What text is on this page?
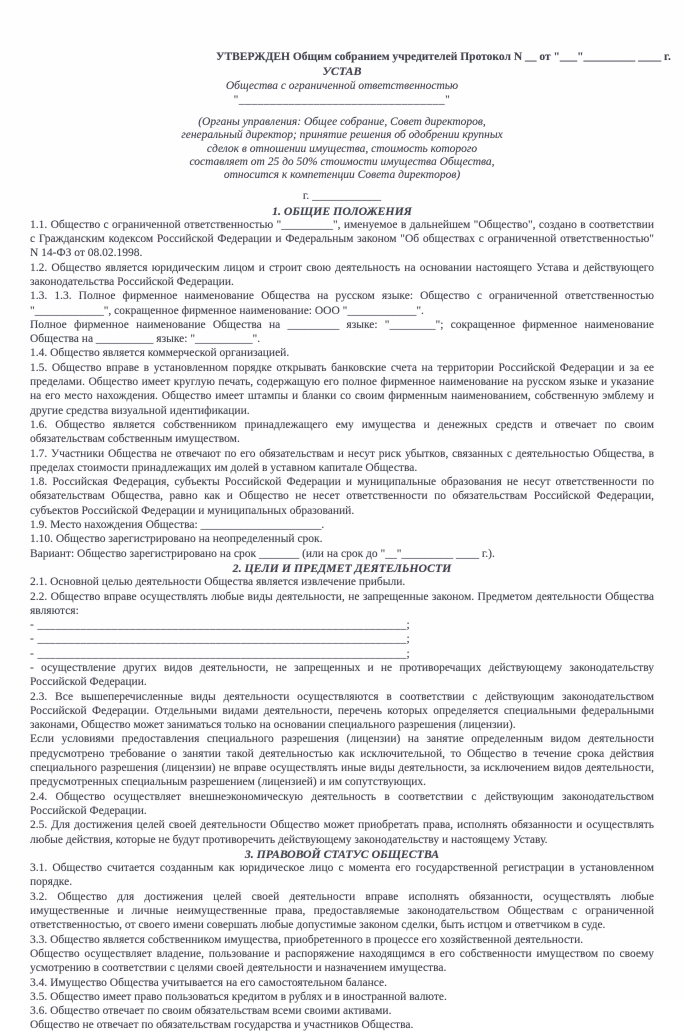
УТВЕРЖДЕН Общим собранием учредителей Протокол N __ от "___"_________ ____ г.
УСТАВ
Общества с ограниченной ответственностью
"_________________________________"
(Органы управления: Общее собрание, Совет директоров,
генеральный директор; принятие решения об одобрении крупных
сделок в отношении имущества, стоимость которого
составляет от 25 до 50% стоимости имущества Общества,
относится к компетенции Совета директоров)
г. ____________
1. ОБЩИЕ ПОЛОЖЕНИЯ
1.1. Общество с ограниченной ответственностью "_________", именуемое в дальнейшем "Общество", создано в соответствии с Гражданским кодексом Российской Федерации и Федеральным законом "Об обществах с ограниченной ответственностью" N 14-ФЗ от 08.02.1998.
1.2. Общество является юридическим лицом и строит свою деятельность на основании настоящего Устава и действующего законодательства Российской Федерации.
1.3. 1.3. Полное фирменное наименование Общества на русском языке: Общество с ограниченной ответственностью "____________", сокращенное фирменное наименование: ООО "____________".
Полное фирменное наименование Общества на _________ языке: "________"; сокращенное фирменное наименование Общества на __________ языке: "__________".
1.4. Общество является коммерческой организацией.
1.5. Общество вправе в установленном порядке открывать банковские счета на территории Российской Федерации и за ее пределами. Общество имеет круглую печать, содержащую его полное фирменное наименование на русском языке и указание на его место нахождения. Общество имеет штампы и бланки со своим фирменным наименованием, собственную эмблему и другие средства визуальной идентификации.
1.6. Общество является собственником принадлежащего ему имущества и денежных средств и отвечает по своим обязательствам собственным имуществом.
1.7. Участники Общества не отвечают по его обязательствам и несут риск убытков, связанных с деятельностью Общества, в пределах стоимости принадлежащих им долей в уставном капитале Общества.
1.8. Российская Федерация, субъекты Российской Федерации и муниципальные образования не несут ответственности по обязательствам Общества, равно как и Общество не несет ответственности по обязательствам Российской Федерации, субъектов Российской Федерации и муниципальных образований.
1.9. Место нахождения Общества: _____________________.
1.10. Общество зарегистрировано на неопределенный срок.
Вариант: Общество зарегистрировано на срок _______ (или на срок до "__"_________ ____ г.).
2. ЦЕЛИ И ПРЕДМЕТ ДЕЯТЕЛЬНОСТИ
2.1. Основной целью деятельности Общества является извлечение прибыли.
2.2. Общество вправе осуществлять любые виды деятельности, не запрещенные законом. Предметом деятельности Общества являются:
- ____________________________________________________________;
- ____________________________________________________________;
- ____________________________________________________________;
- осуществление других видов деятельности, не запрещенных и не противоречащих действующему законодательству Российской Федерации.
2.3. Все вышеперечисленные виды деятельности осуществляются в соответствии с действующим законодательством Российской Федерации. Отдельными видами деятельности, перечень которых определяется специальными федеральными законами, Общество может заниматься только на основании специального разрешения (лицензии).
Если условиями предоставления специального разрешения (лицензии) на занятие определенным видом деятельности предусмотрено требование о занятии такой деятельностью как исключительной, то Общество в течение срока действия специального разрешения (лицензии) не вправе осуществлять иные виды деятельности, за исключением видов деятельности, предусмотренных специальным разрешением (лицензией) и им сопутствующих.
2.4. Общество осуществляет внешнеэкономическую деятельность в соответствии с действующим законодательством Российской Федерации.
2.5. Для достижения целей своей деятельности Общество может приобретать права, исполнять обязанности и осуществлять любые действия, которые не будут противоречить действующему законодательству и настоящему Уставу.
3. ПРАВОВОЙ СТАТУС ОБЩЕСТВА
3.1. Общество считается созданным как юридическое лицо с момента его государственной регистрации в установленном порядке.
3.2. Общество для достижения целей своей деятельности вправе исполнять обязанности, осуществлять любые имущественные и личные неимущественные права, предоставляемые законодательством Обществам с ограниченной ответственностью, от своего имени совершать любые допустимые законом сделки, быть истцом и ответчиком в суде.
3.3. Общество является собственником имущества, приобретенного в процессе его хозяйственной деятельности.
Общество осуществляет владение, пользование и распоряжение находящимся в его собственности имуществом по своему усмотрению в соответствии с целями своей деятельности и назначением имущества.
3.4. Имущество Общества учитывается на его самостоятельном балансе.
3.5. Общество имеет право пользоваться кредитом в рублях и в иностранной валюте.
3.6. Общество отвечает по своим обязательствам всеми своими активами.
Общество не отвечает по обязательствам государства и участников Общества.
